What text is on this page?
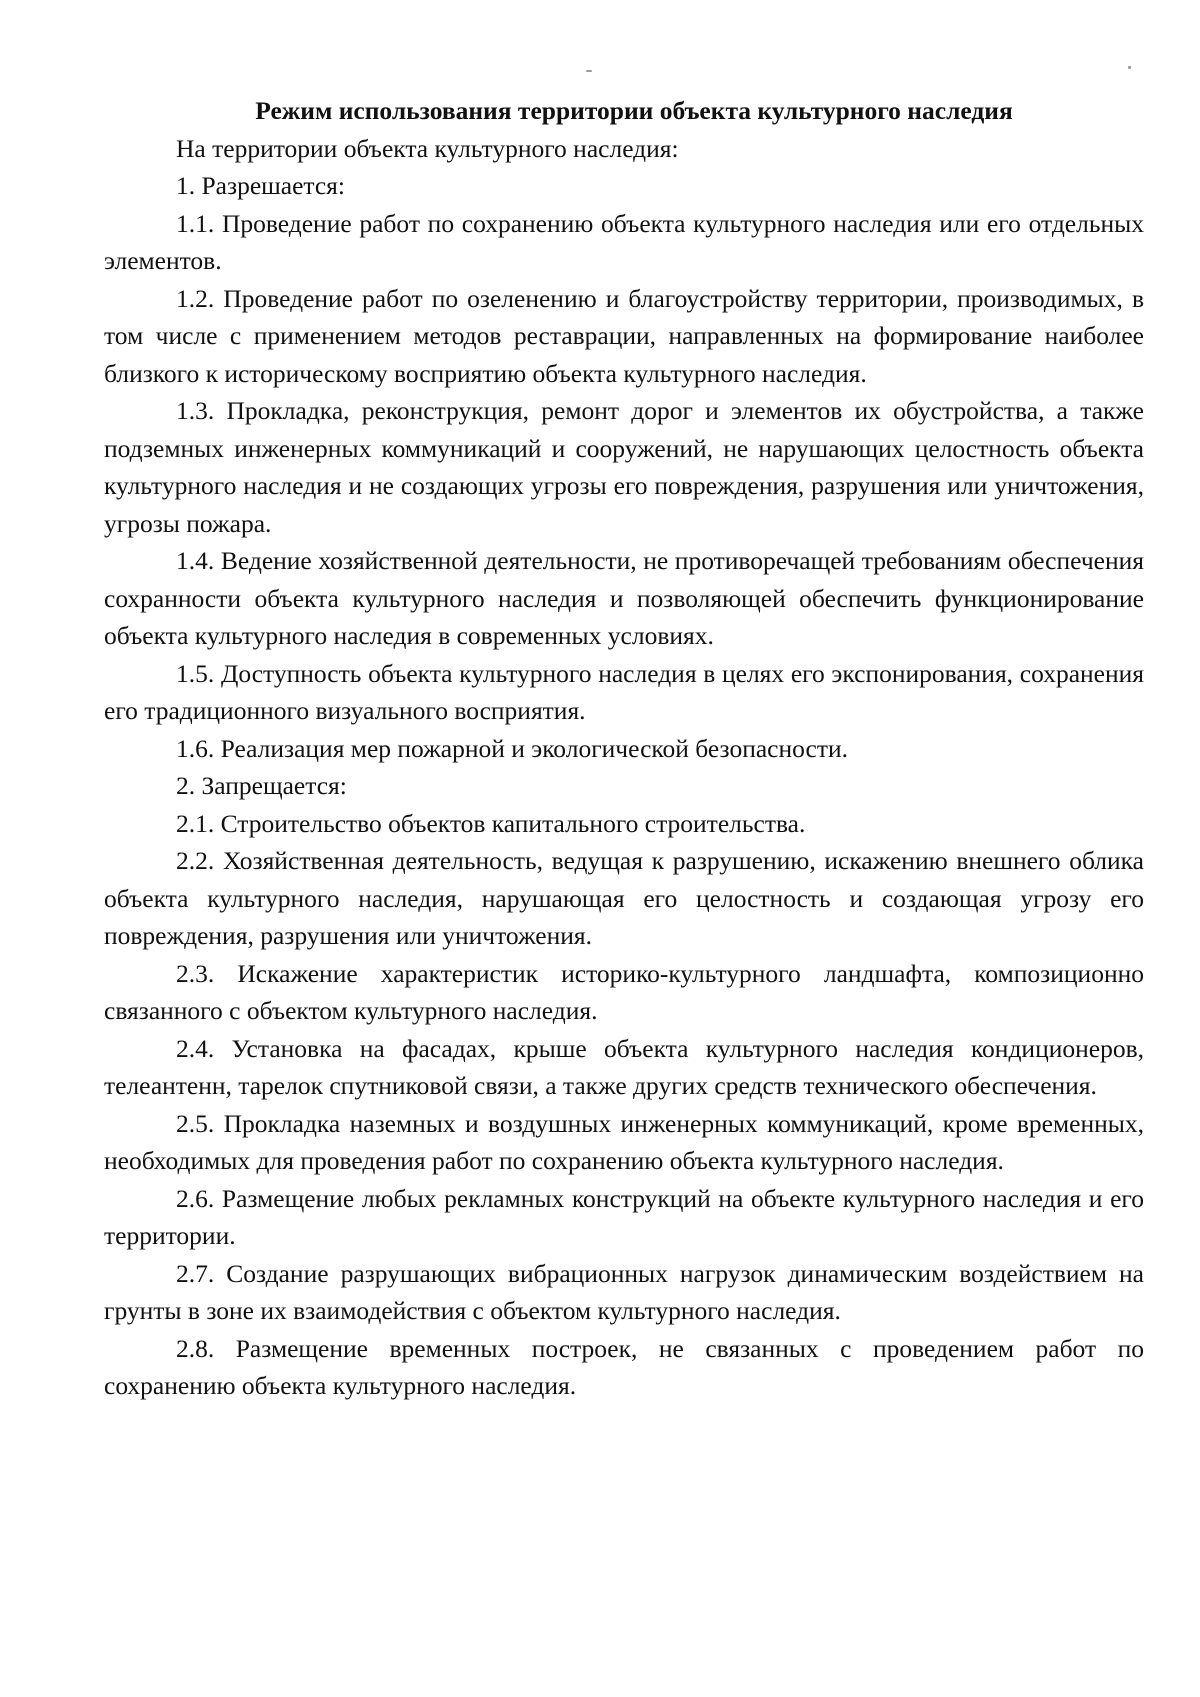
Режим использования территории объекта культурного наследия

На территории объекта культурного наследия:

1. Разрешается:

1.1. Проведение работ по сохранению объекта культурного наследия или его отдельных элементов.

1.2. Проведение работ по озеленению и благоустройству территории, производимых, в том числе с применением методов реставрации, направленных на формирование наиболее близкого к историческому восприятию объекта культурного наследия.

1.3. Прокладка, реконструкция, ремонт дорог и элементов их обустройства, а также подземных инженерных коммуникаций и сооружений, не нарушающих целостность объекта культурного наследия и не создающих угрозы его повреждения, разрушения или уничтожения, угрозы пожара.

1.4. Ведение хозяйственной деятельности, не противоречащей требованиям обеспечения сохранности объекта культурного наследия и позволяющей обеспечить функционирование объекта культурного наследия в современных условиях.

1.5. Доступность объекта культурного наследия в целях его экспонирования, сохранения его традиционного визуального восприятия.

1.6. Реализация мер пожарной и экологической безопасности.

2. Запрещается:

2.1. Строительство объектов капитального строительства.

2.2. Хозяйственная деятельность, ведущая к разрушению, искажению внешнего облика объекта культурного наследия, нарушающая его целостность и создающая угрозу его повреждения, разрушения или уничтожения.

2.3. Искажение характеристик историко-культурного ландшафта, композиционно связанного с объектом культурного наследия.

2.4. Установка на фасадах, крыше объекта культурного наследия кондиционеров, телеантенн, тарелок спутниковой связи, а также других средств технического обеспечения.

2.5. Прокладка наземных и воздушных инженерных коммуникаций, кроме временных, необходимых для проведения работ по сохранению объекта культурного наследия.

2.6. Размещение любых рекламных конструкций на объекте культурного наследия и его территории.

2.7. Создание разрушающих вибрационных нагрузок динамическим воздействием на грунты в зоне их взаимодействия с объектом культурного наследия.

2.8. Размещение временных построек, не связанных с проведением работ по сохранению объекта культурного наследия.
